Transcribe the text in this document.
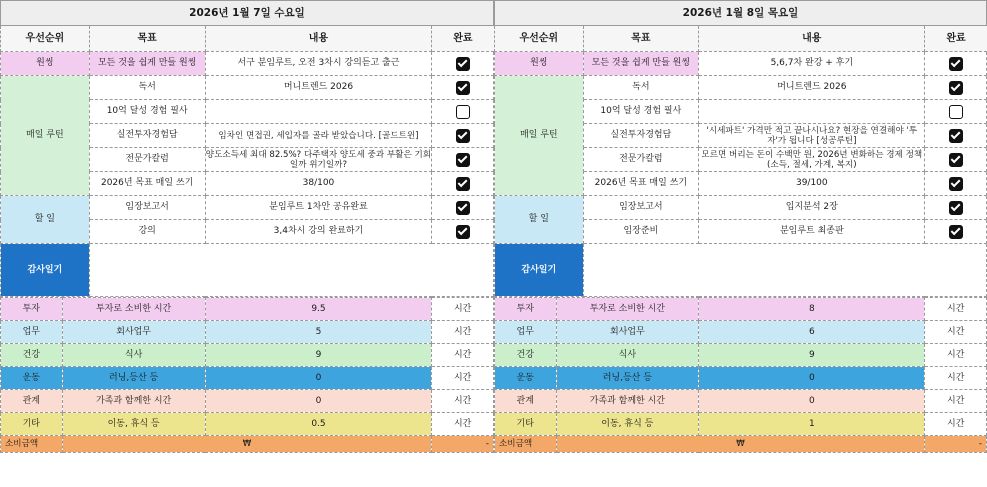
2026년 1월 7일 수요일			
우선순위	목표	내용	완료
원씽	모든 것을 쉽게 만들 원씽	서구 분임루트, 오전 3차시 강의듣고 출근	
매일 루틴	독서	머니트렌드 2026	
	10억 달성 경험 필사		
	실전투자경험담	임차인 면접권, 세입자를 골라 받았습니다. [골드트윈]	
	전문가칼럼	양도소득세 최대 82.5%? 다주택자 양도세 중과 부활은 기회일까 위기일까?	
	2026년 목표 매일 쓰기	38/100	
할 일	임장보고서	분임루트 1차안 공유완료	
	강의	3,4차시 강의 완료하기	
감사일기			
투자	투자로 소비한 시간	9.5	시간
업무	회사업무	5	시간
건강	식사	9	시간
운동	러닝,등산 등	0	시간
관계	가족과 함께한 시간	0	시간
기타	이동, 휴식 등	0.5	시간
소비금액	₩		-
2026년 1월 8일 목요일			
우선순위	목표	내용	완료
원씽	모든 것을 쉽게 만들 원씽	5,6,7차 완강 + 후기	
매일 루틴	독서	머니트렌드 2026	
	10억 달성 경험 필사		
	실전투자경험담	'시세파트' 가격만 적고 끝나시나요? 현장을 연결해야 '투자'가 됩니다 [성공루틴]	
	전문가칼럼	모르면 버리는 돈이 수백만 원, 2026년 변화하는 경제 정책(소득, 절세, 가계, 복지)	
	2026년 목표 매일 쓰기	39/100	
할 일	임장보고서	입지분석 2장	
	임장준비	분임루트 최종판	
감사일기			
투자	투자로 소비한 시간	8	시간
업무	회사업무	6	시간
건강	식사	9	시간
운동	러닝,등산 등	0	시간
관계	가족과 함께한 시간	0	시간
기타	이동, 휴식 등	1	시간
소비금액	₩		-
